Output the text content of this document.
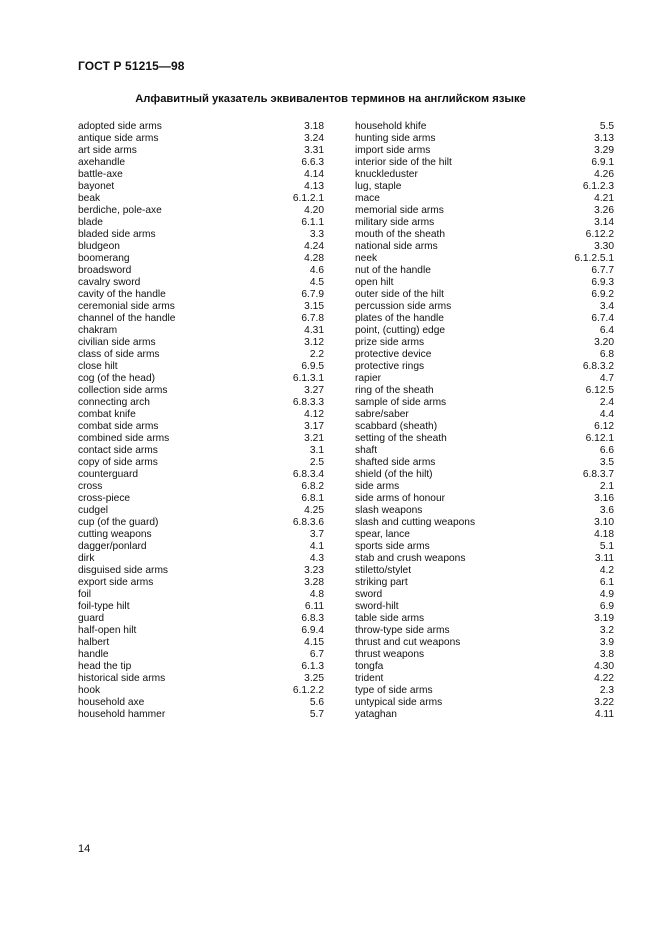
ГОСТ Р 51215—98
Алфавитный указатель эквивалентов терминов на английском языке
adopted side arms	3.18
antique side arms	3.24
art side arms	3.31
axehandle	6.6.3
battle-axe	4.14
bayonet	4.13
beak	6.1.2.1
berdiche, pole-axe	4.20
blade	6.1.1
bladed side arms	3.3
bludgeon	4.24
boomerang	4.28
broadsword	4.6
cavalry sword	4.5
cavity of the handle	6.7.9
ceremonial side arms	3.15
channel of the handle	6.7.8
chakram	4.31
civilian side arms	3.12
class of side arms	2.2
close hilt	6.9.5
cog (of the head)	6.1.3.1
collection side arms	3.27
connecting arch	6.8.3.3
combat knife	4.12
combat side arms	3.17
combined side arms	3.21
contact side arms	3.1
copy of side arms	2.5
counterguard	6.8.3.4
cross	6.8.2
cross-piece	6.8.1
cudgel	4.25
cup (of the guard)	6.8.3.6
cutting weapons	3.7
dagger/ponlard	4.1
dirk	4.3
disguised side arms	3.23
export side arms	3.28
foil	4.8
foil-type hilt	6.11
guard	6.8.3
half-open hilt	6.9.4
halbert	4.15
handle	6.7
head the tip	6.1.3
historical side arms	3.25
hook	6.1.2.2
household axe	5.6
household hammer	5.7
household khife	5.5
hunting side arms	3.13
import side arms	3.29
interior side of the hilt	6.9.1
knuckleduster	4.26
lug, staple	6.1.2.3
mace	4.21
memorial side arms	3.26
military side arms	3.14
mouth of the sheath	6.12.2
national side arms	3.30
neek	6.1.2.5.1
nut of the handle	6.7.7
open hilt	6.9.3
outer side of the hilt	6.9.2
percussion side arms	3.4
plates of the handle	6.7.4
point, (cutting) edge	6.4
prize side arms	3.20
protective device	6.8
protective rings	6.8.3.2
rapier	4.7
ring of the sheath	6.12.5
sample of side arms	2.4
sabre/saber	4.4
scabbard (sheath)	6.12
setting of the sheath	6.12.1
shaft	6.6
shafted side arms	3.5
shield (of the hilt)	6.8.3.7
side arms	2.1
side arms of honour	3.16
slash weapons	3.6
slash and cutting weapons	3.10
spear, lance	4.18
sports side arms	5.1
stab and crush weapons	3.11
stiletto/stylet	4.2
striking part	6.1
sword	4.9
sword-hilt	6.9
table side arms	3.19
throw-type side arms	3.2
thrust and cut weapons	3.9
thrust weapons	3.8
tongfa	4.30
trident	4.22
type of side arms	2.3
untypical side arms	3.22
yataghan	4.11
14
